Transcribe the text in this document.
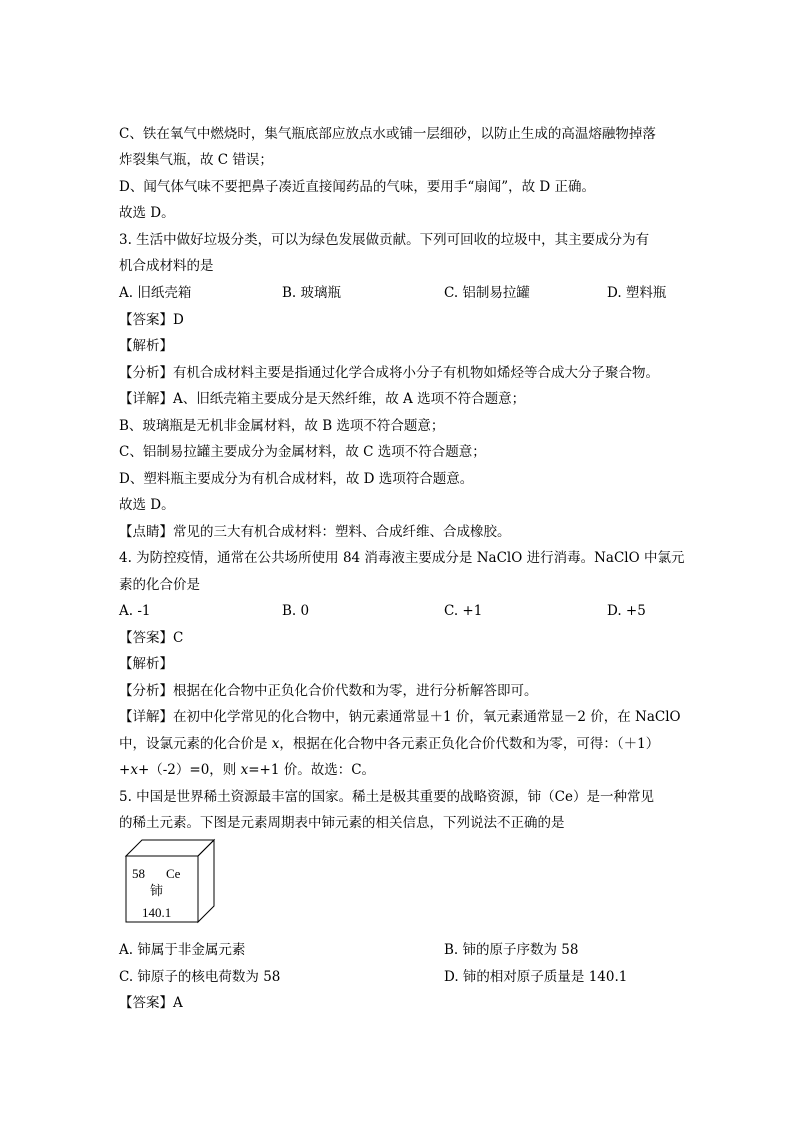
C、铁在氧气中燃烧时，集气瓶底部应放点水或铺一层细砂，以防止生成的高温熔融物掉落
炸裂集气瓶，故 C 错误；
D、闻气体气味不要把鼻子凑近直接闻药品的气味，要用手“扇闻”，故 D 正确。
故选 D。
3. 生活中做好垃圾分类，可以为绿色发展做贡献。下列可回收的垃圾中，其主要成分为有
机合成材料的是
A. 旧纸壳箱	B. 玻璃瓶	C. 铝制易拉罐	D. 塑料瓶
【答案】D
【解析】
【分析】有机合成材料主要是指通过化学合成将小分子有机物如烯烃等合成大分子聚合物。
【详解】A、旧纸壳箱主要成分是天然纤维，故 A 选项不符合题意；
B、玻璃瓶是无机非金属材料，故 B 选项不符合题意；
C、铝制易拉罐主要成分为金属材料，故 C 选项不符合题意；
D、塑料瓶主要成分为有机合成材料，故 D 选项符合题意。
故选 D。
【点睛】常见的三大有机合成材料：塑料、合成纤维、合成橡胶。
4. 为防控疫情，通常在公共场所使用 84 消毒液主要成分是 NaClO 进行消毒。NaClO 中氯元
素的化合价是
A. -1	B. 0	C. +1	D. +5
【答案】C
【解析】
【分析】根据在化合物中正负化合价代数和为零，进行分析解答即可。
【详解】在初中化学常见的化合物中，钠元素通常显＋1 价，氧元素通常显－2 价，在 NaClO
中，设氯元素的化合价是 x，根据在化合物中各元素正负化合价代数和为零，可得：（＋1）
+x+（-2）=0，则 x=+1 价。故选：C。
5. 中国是世界稀土资源最丰富的国家。稀土是极其重要的战略资源，铈（Ce）是一种常见
的稀土元素。下图是元素周期表中铈元素的相关信息，下列说法不正确的是
58 Ce
铈
140.1
A. 铈属于非金属元素	B. 铈的原子序数为 58
C. 铈原子的核电荷数为 58	D. 铈的相对原子质量是 140.1
【答案】A
